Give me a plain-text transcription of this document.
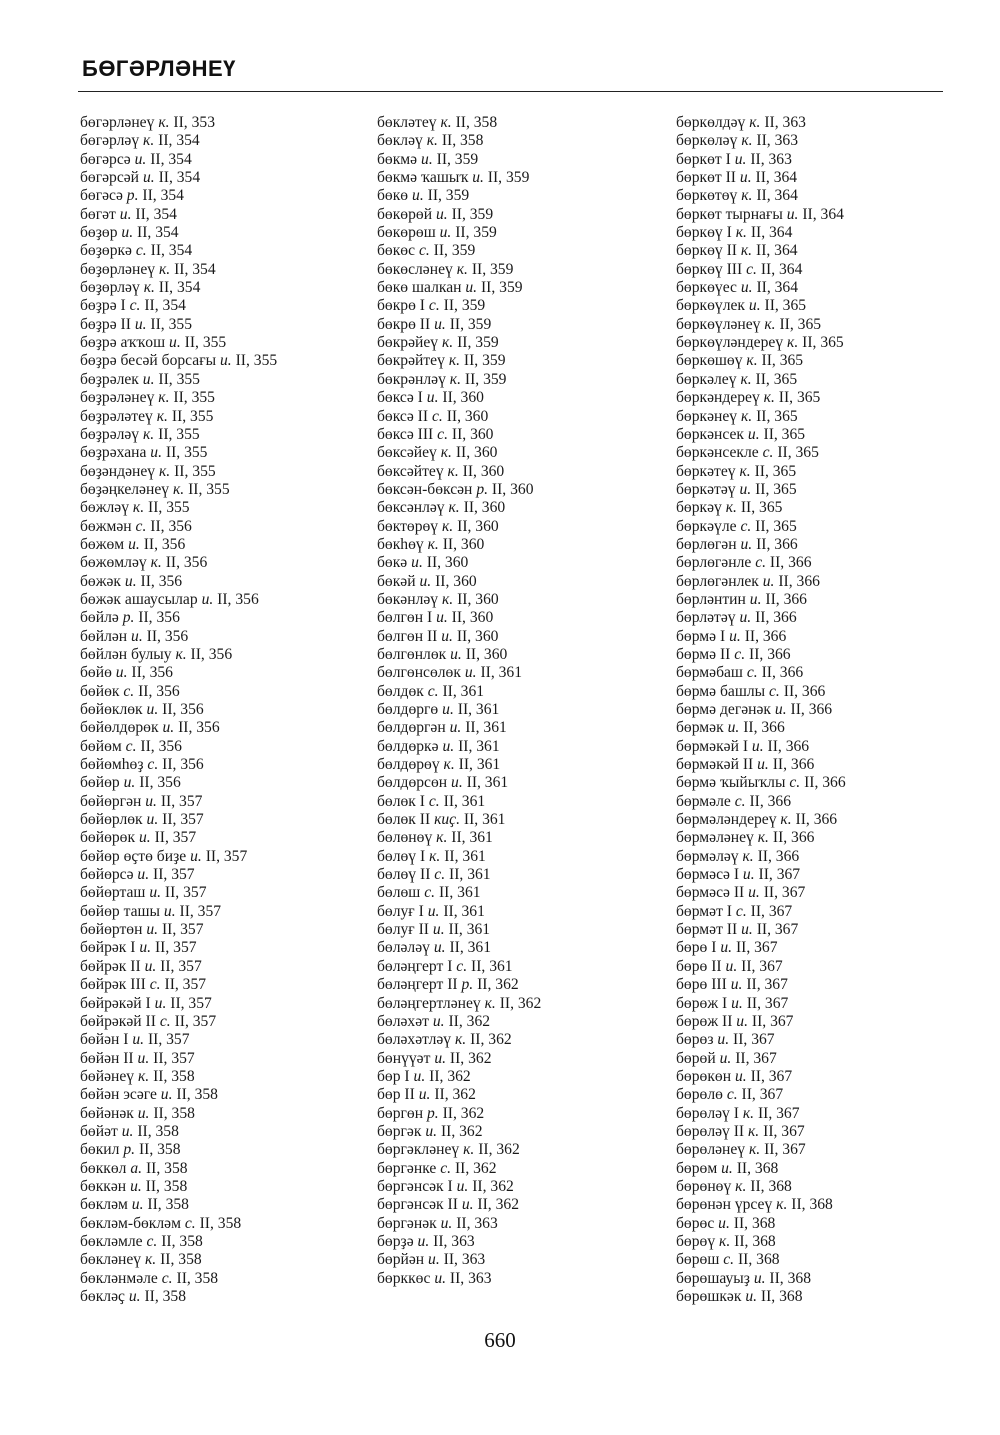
БӨГӘРЛӘНЕҮ
бөгәрләнеү к. II, 353
бөгәрләү к. II, 354
бөгәрсә и. II, 354
бөгәрсәй и. II, 354
бөгәсә р. II, 354
бөгәт и. II, 354
бөҙөр и. II, 354
бөҙөркә с. II, 354
бөҙөрләнеү к. II, 354
бөҙөрләү к. II, 354
бөҙрә I с. II, 354
бөҙрә II и. II, 355
бөҙрә аҡҡош и. II, 355
бөҙрә бесәй борсағы и. II, 355
бөҙрәлек и. II, 355
бөҙрәләнеү к. II, 355
бөҙрәләтеү к. II, 355
бөҙрәләү к. II, 355
бөҙрәхана и. II, 355
бөҙәндәнеү к. II, 355
бөҙәңкеләнеү к. II, 355
бөжләү к. II, 355
бөжмән с. II, 356
бөжөм и. II, 356
бөжөмләү к. II, 356
бөжәк и. II, 356
бөжәк ашаусылар и. II, 356
бөйлә р. II, 356
бөйлән и. II, 356
бөйлән булыу к. II, 356
бөйө и. II, 356
бөйөк с. II, 356
бөйөклөк и. II, 356
бөйөлдөрөк и. II, 356
бөйөм с. II, 356
бөйөмһөҙ с. II, 356
бөйөр и. II, 356
бөйөргән и. II, 357
бөйөрлөк и. II, 357
бөйөрөк и. II, 357
бөйөр өҫтө биҙе и. II, 357
бөйөрсә и. II, 357
бөйөрташ и. II, 357
бөйөр ташы и. II, 357
бөйөртөн и. II, 357
бөйрәк I и. II, 357
бөйрәк II и. II, 357
бөйрәк III с. II, 357
бөйрәкәй I и. II, 357
бөйрәкәй II с. II, 357
бөйән I и. II, 357
бөйән II и. II, 357
бөйәнеү к. II, 358
бөйән эсәге и. II, 358
бөйәнәк и. II, 358
бөйәт и. II, 358
бөкил р. II, 358
бөккөл а. II, 358
бөккән и. II, 358
бөкләм и. II, 358
бөкләм-бөкләм с. II, 358
бөкләмле с. II, 358
бөкләнеү к. II, 358
бөкләнмәле с. II, 358
бөкләҫ и. II, 358
бөкләтеү к. II, 358
бөкләү к. II, 358
бөкмә и. II, 359
бөкмә ҡашыҡ и. II, 359
бөкө и. II, 359
бөкөрөй и. II, 359
бөкөрөш и. II, 359
бөкөс с. II, 359
бөкөсләнеү к. II, 359
бөкө шалкан и. II, 359
бөкрө I с. II, 359
бөкрө II и. II, 359
бөкрәйеү к. II, 359
бөкрәйтеү к. II, 359
бөкрәнләү к. II, 359
бөксә I и. II, 360
бөксә II с. II, 360
бөксә III с. II, 360
бөксәйеү к. II, 360
бөксәйтеү к. II, 360
бөксән-бөксән р. II, 360
бөксәнләү к. II, 360
бөктөрөү к. II, 360
бөкһөү к. II, 360
бөкә и. II, 360
бөкәй и. II, 360
бөкәнләү к. II, 360
бөлгөн I и. II, 360
бөлгөн II и. II, 360
бөлгөнлөк и. II, 360
бөлгөнсөлөк и. II, 361
бөлдөк с. II, 361
бөлдөргө и. II, 361
бөлдөргән и. II, 361
бөлдөркә и. II, 361
бөлдөрөү к. II, 361
бөлдөрсөн и. II, 361
бөлөк I с. II, 361
бөлөк II киҫ. II, 361
бөлөнөү к. II, 361
бөлөү I к. II, 361
бөлөү II с. II, 361
бөлөш с. II, 361
бөлуғ I и. II, 361
бөлуғ II и. II, 361
бөләләү и. II, 361
бөләңгерт I с. II, 361
бөләңгерт II р. II, 362
бөләңгертләнеү к. II, 362
бөләхәт и. II, 362
бөләхәтләү к. II, 362
бөнүүәт и. II, 362
бөр I и. II, 362
бөр II и. II, 362
бөргөн р. II, 362
бөргәк и. II, 362
бөргәкләнеү к. II, 362
бөргәнке с. II, 362
бөргәнсәк I и. II, 362
бөргәнсәк II и. II, 362
бөргәнәк и. II, 363
бөрҙә и. II, 363
бөрйән и. II, 363
бөрккөс и. II, 363
бөркөлдәү к. II, 363
бөркөләү к. II, 363
бөркөт I и. II, 363
бөркөт II и. II, 364
бөркөтөү к. II, 364
бөркөт тырнағы и. II, 364
бөркөү I к. II, 364
бөркөү II к. II, 364
бөркөү III с. II, 364
бөркөүес и. II, 364
бөркөүлек и. II, 365
бөркөүләнеү к. II, 365
бөркөүләндереү к. II, 365
бөркөшөү к. II, 365
бөркәлеү к. II, 365
бөркәндереү к. II, 365
бөркәнеү к. II, 365
бөркәнсек и. II, 365
бөркәнсекле с. II, 365
бөркәтеү к. II, 365
бөркәтәү и. II, 365
бөркәү к. II, 365
бөркәүле с. II, 365
бөрлөгән и. II, 366
бөрлөгәнле с. II, 366
бөрлөгәнлек и. II, 366
бөрләнтин и. II, 366
бөрләтәү и. II, 366
бөрмә I и. II, 366
бөрмә II с. II, 366
бөрмәбаш с. II, 366
бөрмә башлы с. II, 366
бөрмә дегәнәк и. II, 366
бөрмәк и. II, 366
бөрмәкәй I и. II, 366
бөрмәкәй II и. II, 366
бөрмә ҡыйыҡлы с. II, 366
бөрмәле с. II, 366
бөрмәләндереү к. II, 366
бөрмәләнеү к. II, 366
бөрмәләү к. II, 366
бөрмәсә I и. II, 367
бөрмәсә II и. II, 367
бөрмәт I с. II, 367
бөрмәт II и. II, 367
бөрө I и. II, 367
бөрө II и. II, 367
бөрө III и. II, 367
бөрөж I и. II, 367
бөрөж II и. II, 367
бөрөз и. II, 367
бөрөй и. II, 367
бөрөкөн и. II, 367
бөрөлө с. II, 367
бөрөләү I к. II, 367
бөрөләү II к. II, 367
бөрөләнеү к. II, 367
бөрөм и. II, 368
бөрөнөү к. II, 368
бөрөнән үрсеү к. II, 368
бөрөс и. II, 368
бөрөү к. II, 368
бөрөш с. II, 368
бөрөшауыҙ и. II, 368
бөрөшкәк и. II, 368
660
